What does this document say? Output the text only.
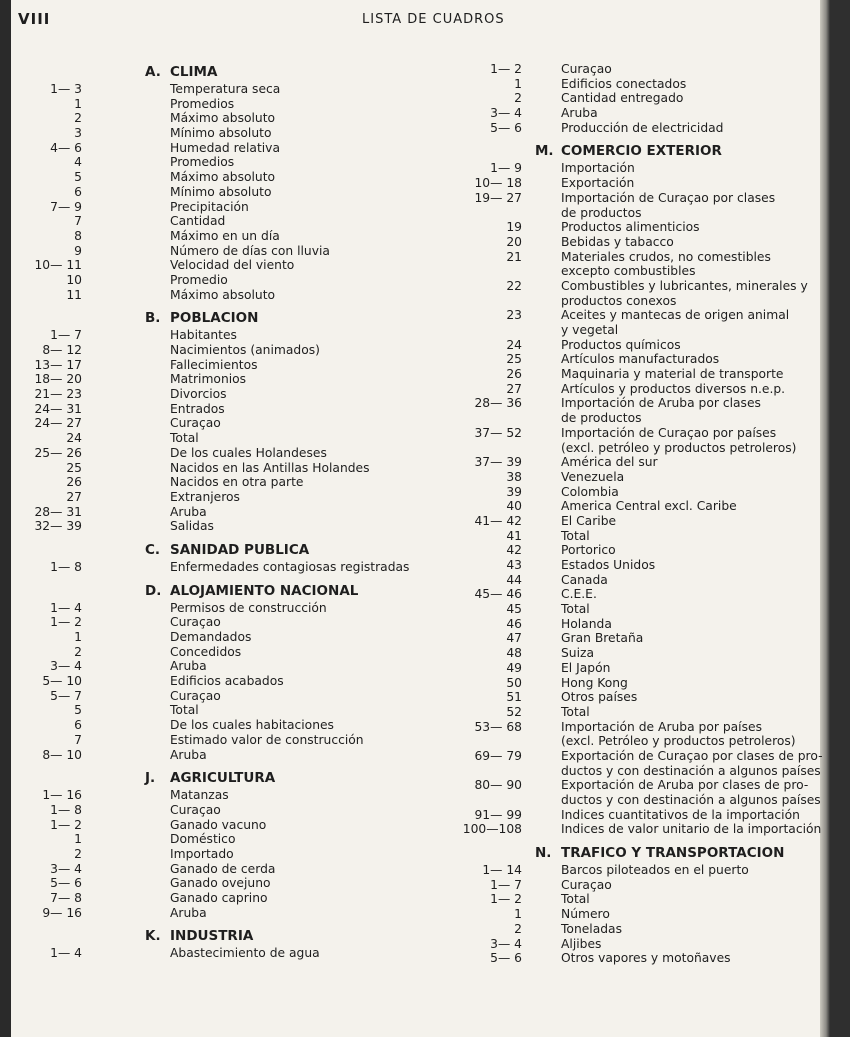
VIII	LISTA DE CUADROS
A. CLIMA
1— 3	Temperatura seca
1	Promedios
2	Máximo absoluto
3	Mínimo absoluto
4— 6	Humedad relativa
4	Promedios
5	Máximo absoluto
6	Mínimo absoluto
7— 9	Precipitación
7	Cantidad
8	Máximo en un día
9	Número de días con lluvia
10— 11	Velocidad del viento
10	Promedio
11	Máximo absoluto
B. POBLACION
1— 7	Habitantes
8— 12	Nacimientos (animados)
13— 17	Fallecimientos
18— 20	Matrimonios
21— 23	Divorcios
24— 31	Entrados
24— 27	Curaçao
24	Total
25— 26	De los cuales Holandeses
25	Nacidos en las Antillas Holandes
26	Nacidos en otra parte
27	Extranjeros
28— 31	Aruba
32— 39	Salidas
C. SANIDAD PUBLICA
1— 8	Enfermedades contagiosas registradas
D. ALOJAMIENTO NACIONAL
1— 4	Permisos de construcción
1— 2	Curaçao
1	Demandados
2	Concedidos
3— 4	Aruba
5— 10	Edificios acabados
5— 7	Curaçao
5	Total
6	De los cuales habitaciones
7	Estimado valor de construcción
8— 10	Aruba
J. AGRICULTURA
1— 16	Matanzas
1— 8	Curaçao
1— 2	Ganado vacuno
1	Doméstico
2	Importado
3— 4	Ganado de cerda
5— 6	Ganado ovejuno
7— 8	Ganado caprino
9— 16	Aruba
K. INDUSTRIA
1— 4	Abastecimiento de agua
1— 2	Curaçao
1	Edificios conectados
2	Cantidad entregado
3— 4	Aruba
5— 6	Producción de electricidad
M. COMERCIO EXTERIOR
1— 9	Importación
10— 18	Exportación
19— 27	Importación de Curaçao por clases
de productos
19	Productos alimenticios
20	Bebidas y tabacco
21	Materiales crudos, no comestibles
excepto combustibles
22	Combustibles y lubricantes, minerales y
productos conexos
23	Aceites y mantecas de origen animal
y vegetal
24	Productos químicos
25	Artículos manufacturados
26	Maquinaria y material de transporte
27	Artículos y productos diversos n.e.p.
28— 36	Importación de Aruba por clases
de productos
37— 52	Importación de Curaçao por países
(excl. petróleo y productos petroleros)
37— 39	América del sur
38	Venezuela
39	Colombia
40	America Central excl. Caribe
41— 42	El Caribe
41	Total
42	Portorico
43	Estados Unidos
44	Canada
45— 46	C.E.E.
45	Total
46	Holanda
47	Gran Bretaña
48	Suiza
49	El Japón
50	Hong Kong
51	Otros países
52	Total
53— 68	Importación de Aruba por países
(excl. Petróleo y productos petroleros)
69— 79	Exportación de Curaçao por clases de pro-
ductos y con destinación a algunos países
80— 90	Exportación de Aruba por clases de pro-
ductos y con destinación a algunos países
91— 99	Indices cuantitativos de la importación
100—108	Indices de valor unitario de la importación
N. TRAFICO Y TRANSPORTACION
1— 14	Barcos piloteados en el puerto
1— 7	Curaçao
1— 2	Total
1	Número
2	Toneladas
3— 4	Aljibes
5— 6	Otros vapores y motoñaves
